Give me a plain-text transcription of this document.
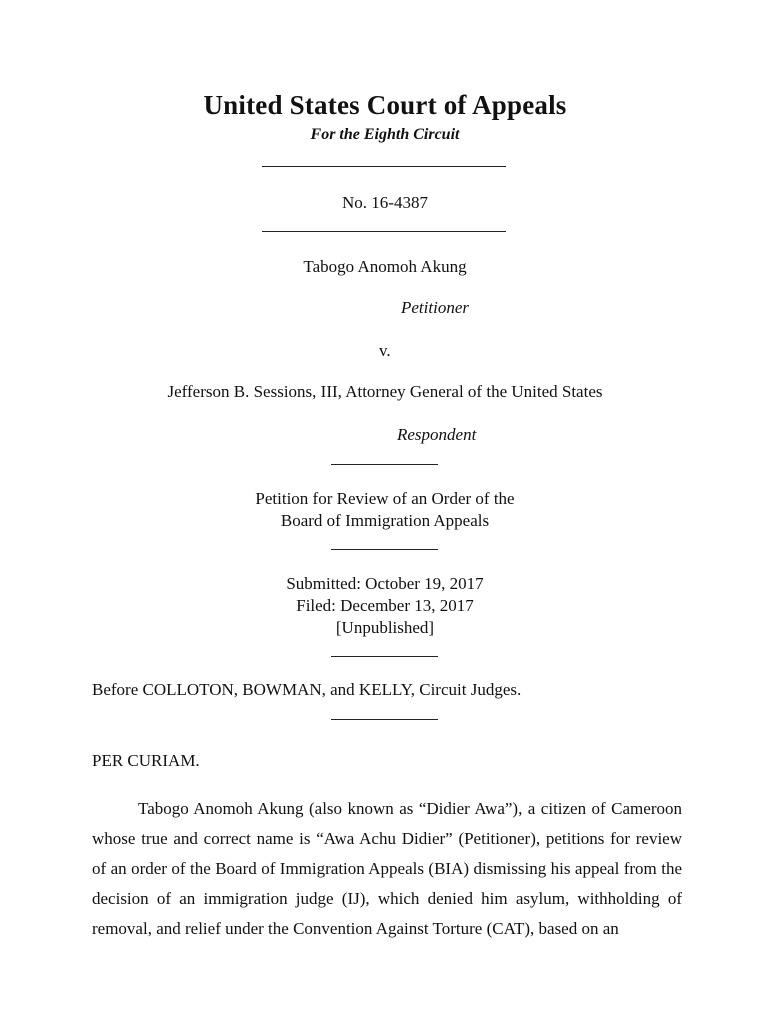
United States Court of Appeals
For the Eighth Circuit
No. 16-4387
Tabogo Anomoh Akung
Petitioner
v.
Jefferson B. Sessions, III, Attorney General of the United States
Respondent
Petition for Review of an Order of the
Board of Immigration Appeals
Submitted: October 19, 2017
Filed: December 13, 2017
[Unpublished]
Before COLLOTON, BOWMAN, and KELLY, Circuit Judges.
PER CURIAM.
Tabogo Anomoh Akung (also known as “Didier Awa”), a citizen of Cameroon whose true and correct name is “Awa Achu Didier” (Petitioner), petitions for review of an order of the Board of Immigration Appeals (BIA) dismissing his appeal from the decision of an immigration judge (IJ), which denied him asylum, withholding of removal, and relief under the Convention Against Torture (CAT), based on an
